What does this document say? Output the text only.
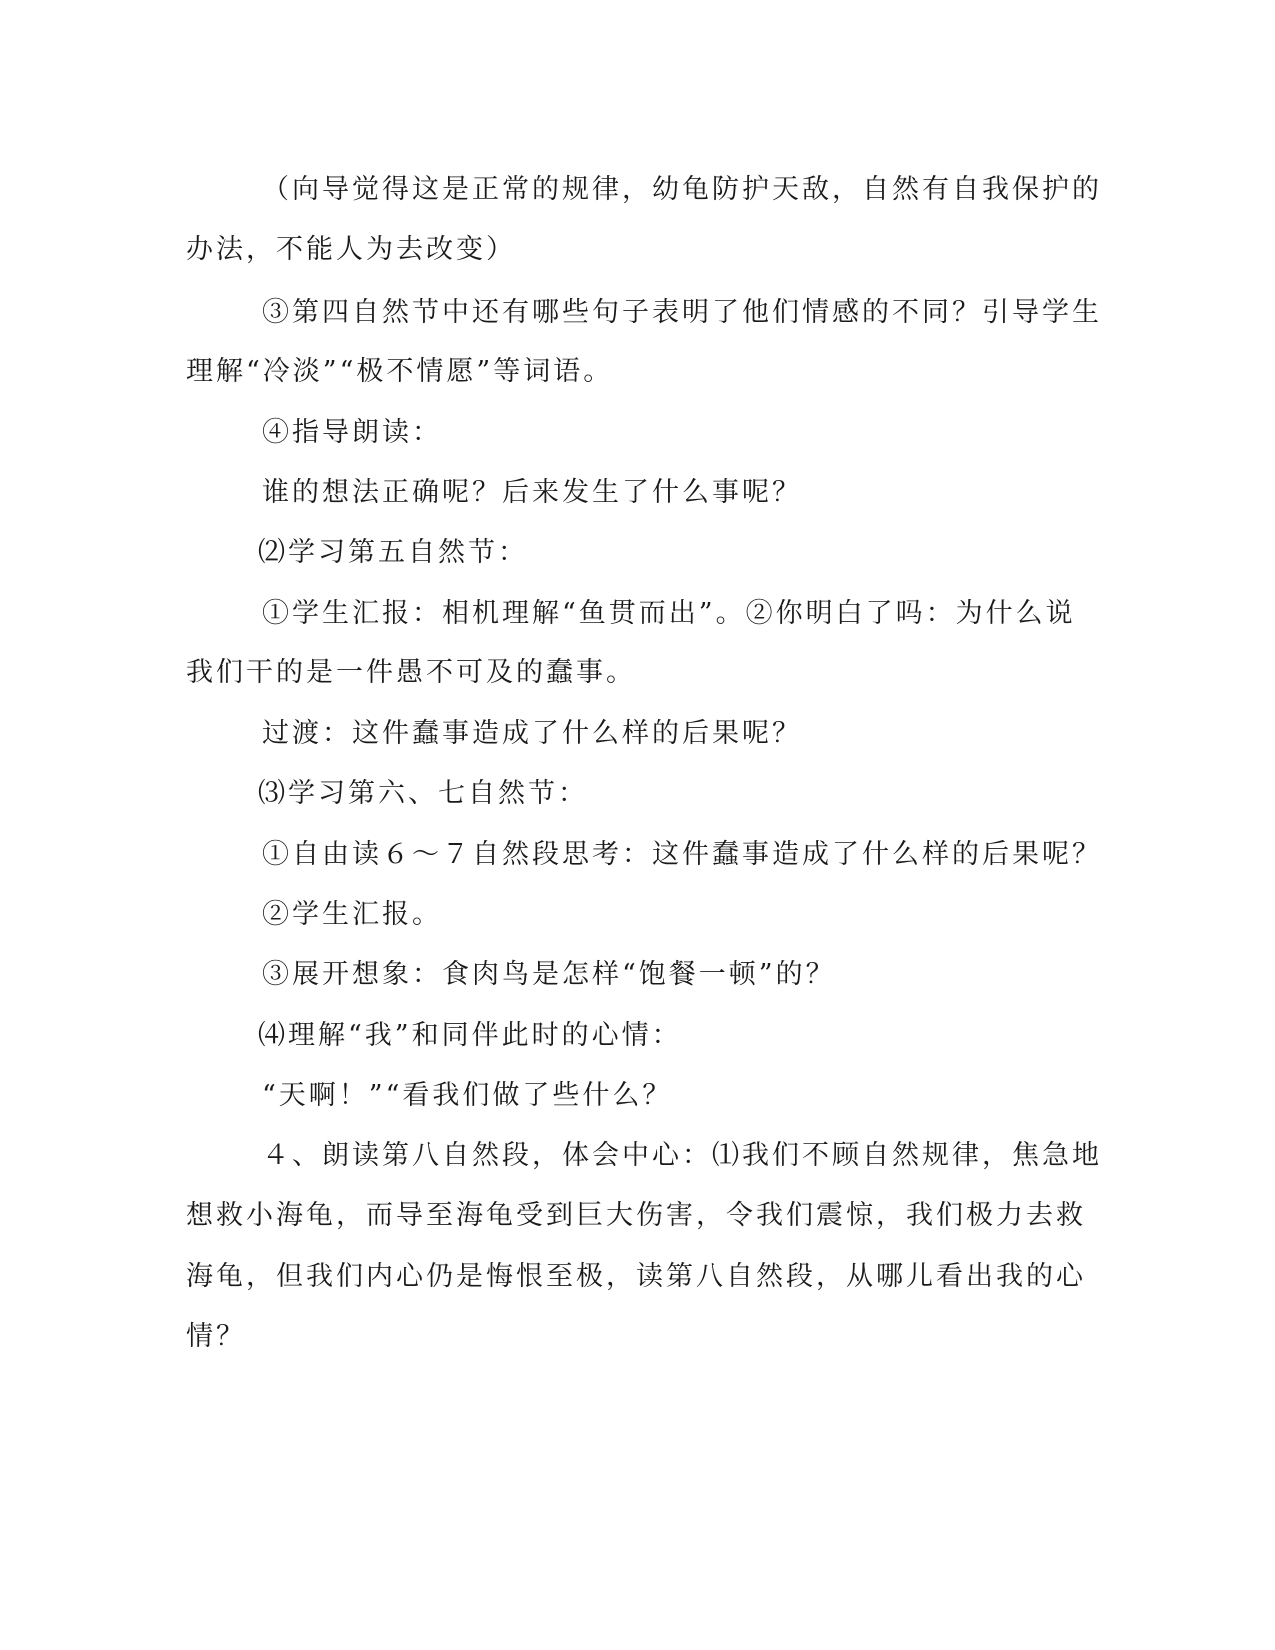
（向导觉得这是正常的规律，幼龟防护天敌，自然有自我保护的
办法，不能人为去改变）
③第四自然节中还有哪些句子表明了他们情感的不同？引导学生
理解“冷淡”“极不情愿”等词语。
④指导朗读：
谁的想法正确呢？后来发生了什么事呢？
⑵学习第五自然节：
①学生汇报：相机理解“鱼贯而出”。②你明白了吗：为什么说
我们干的是一件愚不可及的蠢事。
过渡：这件蠢事造成了什么样的后果呢？
⑶学习第六、七自然节：
①自由读６～７自然段思考：这件蠢事造成了什么样的后果呢？
②学生汇报。
③展开想象：食肉鸟是怎样“饱餐一顿”的？
⑷理解“我”和同伴此时的心情：
“天啊！”“看我们做了些什么？
４、朗读第八自然段，体会中心：⑴我们不顾自然规律，焦急地
想救小海龟，而导至海龟受到巨大伤害，令我们震惊，我们极力去救
海龟，但我们内心仍是悔恨至极，读第八自然段，从哪儿看出我的心
情？
